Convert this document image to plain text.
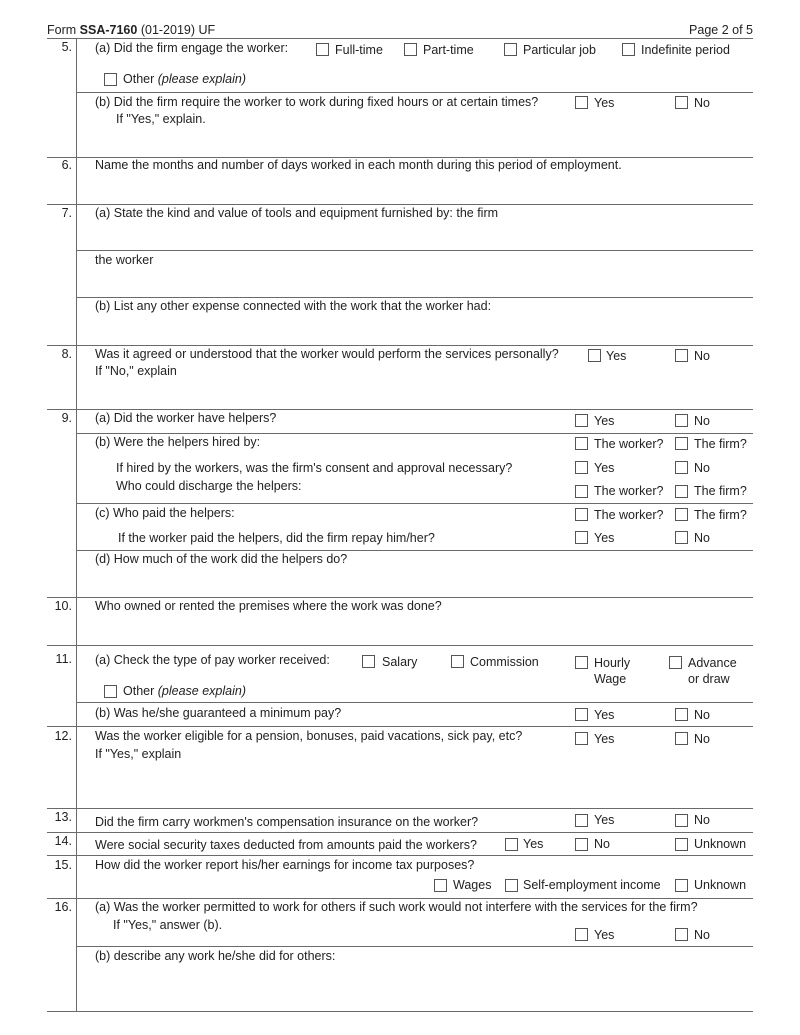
Form SSA-7160 (01-2019) UF	Page 2 of 5
5. (a) Did the firm engage the worker:	Full-time	Part-time	Particular job	Indefinite period
Other (please explain)
(b) Did the firm require the worker to work during fixed hours or at certain times?	Yes	No
If "Yes," explain.
6. Name the months and number of days worked in each month during this period of employment.
7. (a) State the kind and value of tools and equipment furnished by: the firm
the worker
(b) List any other expense connected with the work that the worker had:
8. Was it agreed or understood that the worker would perform the services personally?	Yes	No
If "No," explain
9. (a) Did the worker have helpers?	Yes	No
(b) Were the helpers hired by:	The worker? The firm?
If hired by the workers, was the firm's consent and approval necessary?	Yes	No
Who could discharge the helpers:	The worker? The firm?
(c) Who paid the helpers:	The worker? The firm?
If the worker paid the helpers, did the firm repay him/her?	Yes	No
(d) How much of the work did the helpers do?
10. Who owned or rented the premises where the work was done?
11. (a) Check the type of pay worker received:	Salary	Commission	Hourly
Wage
Advance
or draw
Other (please explain)
(b) Was he/she guaranteed a minimum pay?	Yes	No
12. Was the worker eligible for a pension, bonuses, paid vacations, sick pay, etc?	Yes	No
If "Yes," explain
13. Did the firm carry workmen's compensation insurance on the worker?	Yes	No
14. Were social security taxes deducted from amounts paid the workers?	Yes	No	Unknown
15. How did the worker report his/her earnings for income tax purposes?
Wages	Self-employment income	Unknown
16. (a) Was the worker permitted to work for others if such work would not interfere with the services for the firm?
If "Yes," answer (b).
Yes	No
(b) describe any work he/she did for others:
